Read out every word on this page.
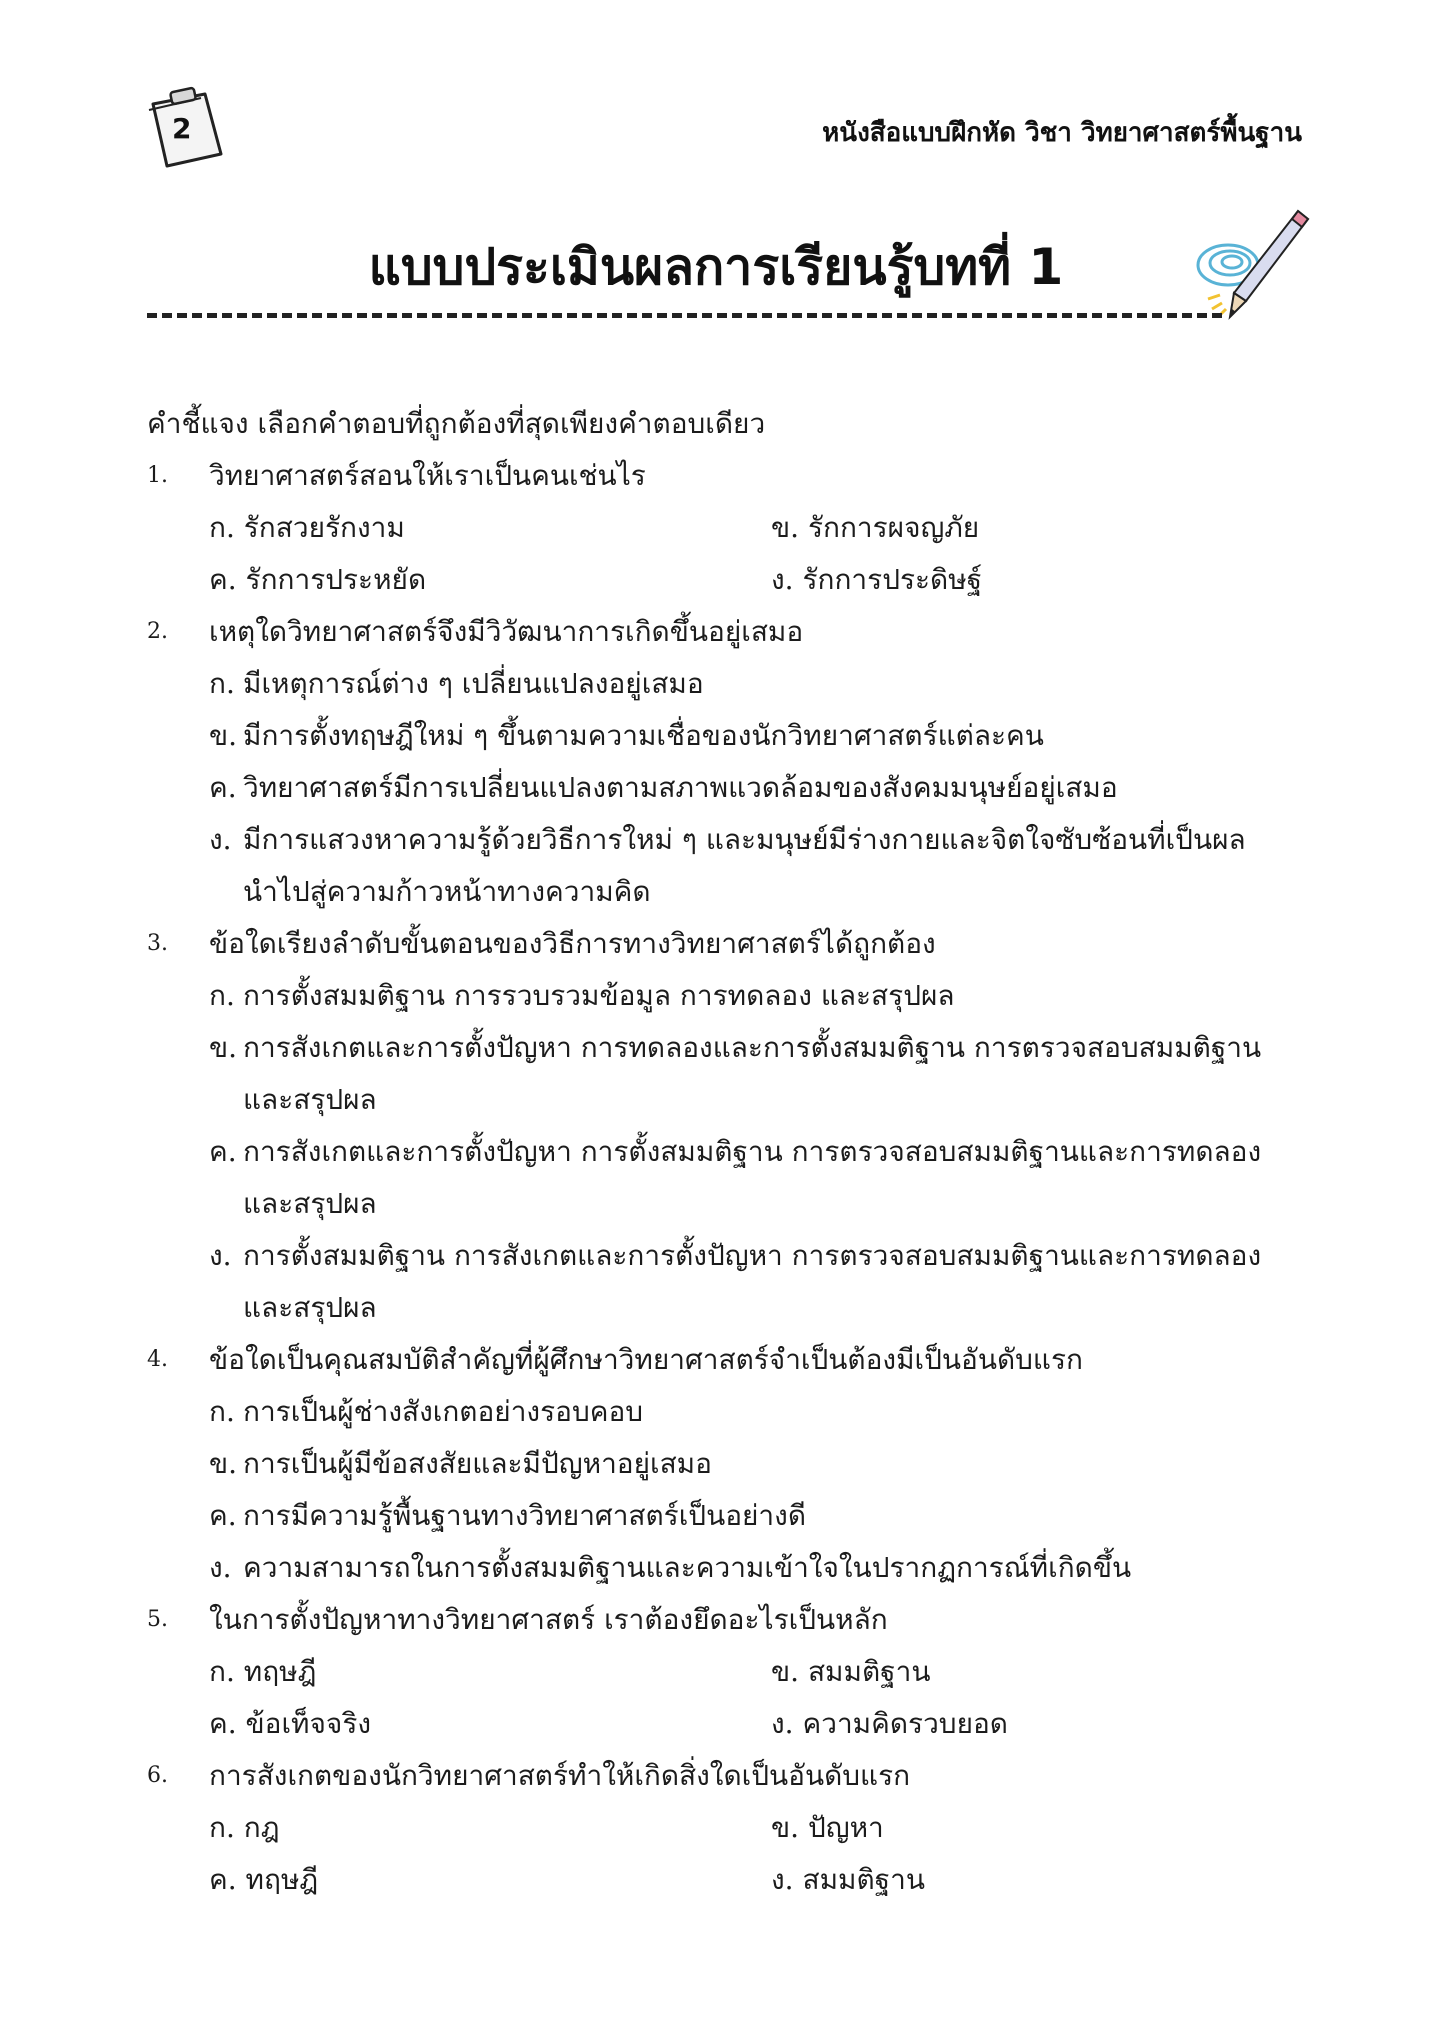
2	หนังสือแบบฝึกหัด วิชา วิทยาศาสตร์พื้นฐาน
แบบประเมินผลการเรียนรู้บทที่ 1
คำชี้แจง เลือกคำตอบที่ถูกต้องที่สุดเพียงคำตอบเดียว
1. วิทยาศาสตร์สอนให้เราเป็นคนเช่นไร
ก. รักสวยรักงาม	ข. รักการผจญภัย
ค. รักการประหยัด	ง. รักการประดิษฐ์
2. เหตุใดวิทยาศาสตร์จึงมีวิวัฒนาการเกิดขึ้นอยู่เสมอ
ก. มีเหตุการณ์ต่าง ๆ เปลี่ยนแปลงอยู่เสมอ
ข. มีการตั้งทฤษฎีใหม่ ๆ ขึ้นตามความเชื่อของนักวิทยาศาสตร์แต่ละคน
ค. วิทยาศาสตร์มีการเปลี่ยนแปลงตามสภาพแวดล้อมของสังคมมนุษย์อยู่เสมอ
ง. มีการแสวงหาความรู้ด้วยวิธีการใหม่ ๆ และมนุษย์มีร่างกายและจิตใจซับซ้อนที่เป็นผล
นำไปสู่ความก้าวหน้าทางความคิด
3. ข้อใดเรียงลำดับขั้นตอนของวิธีการทางวิทยาศาสตร์ได้ถูกต้อง
ก. การตั้งสมมติฐาน การรวบรวมข้อมูล การทดลอง และสรุปผล
ข. การสังเกตและการตั้งปัญหา การทดลองและการตั้งสมมติฐาน การตรวจสอบสมมติฐาน
และสรุปผล
ค. การสังเกตและการตั้งปัญหา การตั้งสมมติฐาน การตรวจสอบสมมติฐานและการทดลอง
และสรุปผล
ง. การตั้งสมมติฐาน การสังเกตและการตั้งปัญหา การตรวจสอบสมมติฐานและการทดลอง
และสรุปผล
4. ข้อใดเป็นคุณสมบัติสำคัญที่ผู้ศึกษาวิทยาศาสตร์จำเป็นต้องมีเป็นอันดับแรก
ก. การเป็นผู้ช่างสังเกตอย่างรอบคอบ
ข. การเป็นผู้มีข้อสงสัยและมีปัญหาอยู่เสมอ
ค. การมีความรู้พื้นฐานทางวิทยาศาสตร์เป็นอย่างดี
ง. ความสามารถในการตั้งสมมติฐานและความเข้าใจในปรากฏการณ์ที่เกิดขึ้น
5. ในการตั้งปัญหาทางวิทยาศาสตร์ เราต้องยึดอะไรเป็นหลัก
ก. ทฤษฎี	ข. สมมติฐาน
ค. ข้อเท็จจริง	ง. ความคิดรวบยอด
6. การสังเกตของนักวิทยาศาสตร์ทำให้เกิดสิ่งใดเป็นอันดับแรก
ก. กฎ	ข. ปัญหา
ค. ทฤษฎี	ง. สมมติฐาน
